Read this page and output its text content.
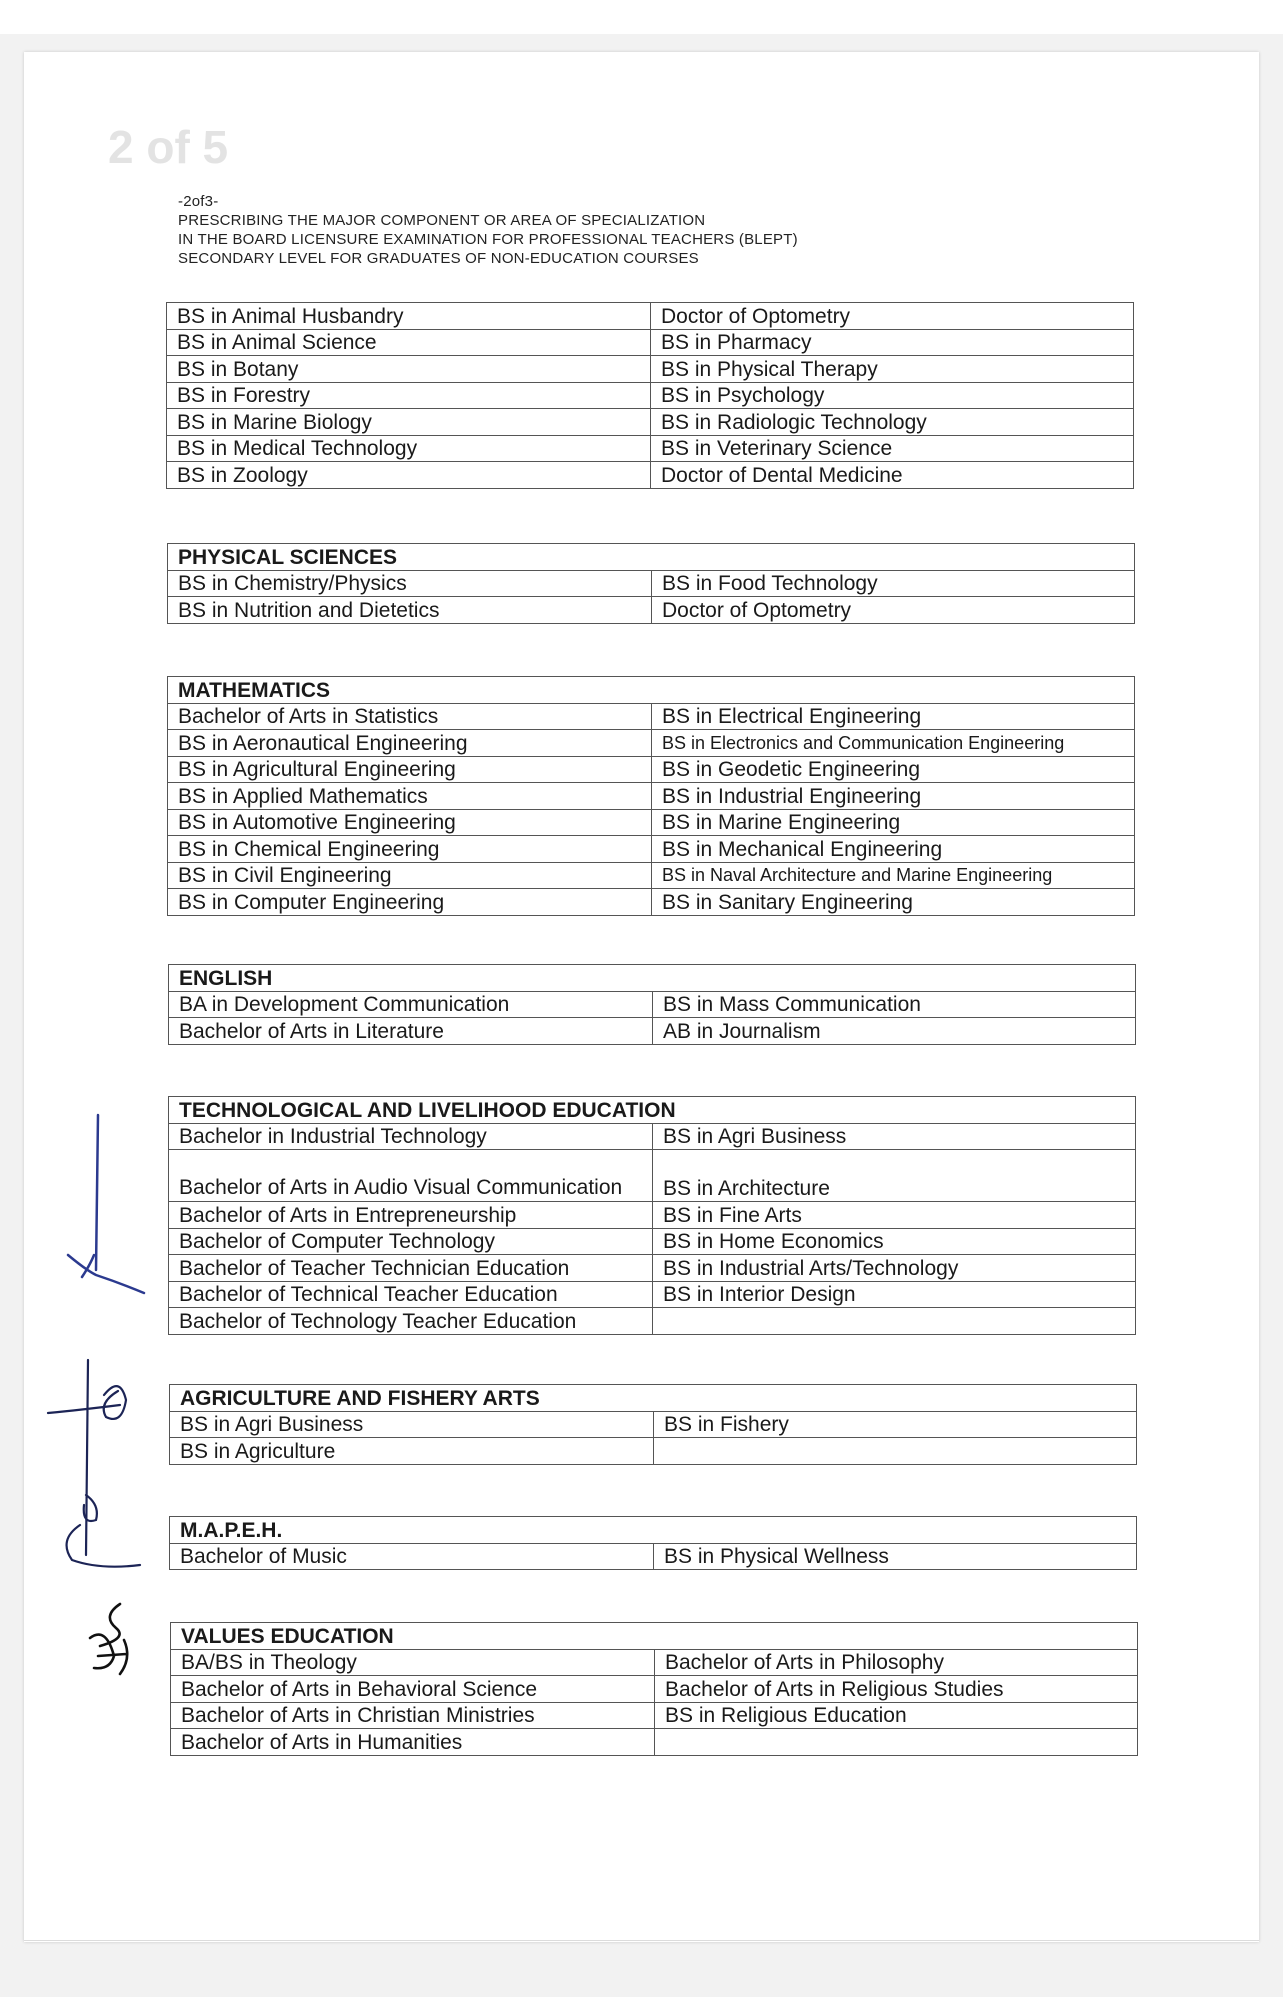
2 of 5
-2of3-
PRESCRIBING THE MAJOR COMPONENT OR AREA OF SPECIALIZATION
IN THE BOARD LICENSURE EXAMINATION FOR PROFESSIONAL TEACHERS (BLEPT)
SECONDARY LEVEL FOR GRADUATES OF NON-EDUCATION COURSES
BS in Animal Husbandry	Doctor of Optometry
BS in Animal Science	BS in Pharmacy
BS in Botany	BS in Physical Therapy
BS in Forestry	BS in Psychology
BS in Marine Biology	BS in Radiologic Technology
BS in Medical Technology	BS in Veterinary Science
BS in Zoology	Doctor of Dental Medicine
PHYSICAL SCIENCES	
BS in Chemistry/Physics	BS in Food Technology
BS in Nutrition and Dietetics	Doctor of Optometry
MATHEMATICS	
Bachelor of Arts in Statistics	BS in Electrical Engineering
BS in Aeronautical Engineering	BS in Electronics and Communication Engineering
BS in Agricultural Engineering	BS in Geodetic Engineering
BS in Applied Mathematics	BS in Industrial Engineering
BS in Automotive Engineering	BS in Marine Engineering
BS in Chemical Engineering	BS in Mechanical Engineering
BS in Civil Engineering	BS in Naval Architecture and Marine Engineering
BS in Computer Engineering	BS in Sanitary Engineering
ENGLISH	
BA in Development Communication	BS in Mass Communication
Bachelor of Arts in Literature	AB in Journalism
TECHNOLOGICAL AND LIVELIHOOD EDUCATION	
Bachelor in Industrial Technology	BS in Agri Business
Bachelor of Arts in Audio Visual Communication	BS in Architecture
Bachelor of Arts in Entrepreneurship	BS in Fine Arts
Bachelor of Computer Technology	BS in Home Economics
Bachelor of Teacher Technician Education	BS in Industrial Arts/Technology
Bachelor of Technical Teacher Education	BS in Interior Design
Bachelor of Technology Teacher Education	
AGRICULTURE AND FISHERY ARTS	
BS in Agri Business	BS in Fishery
BS in Agriculture	
M.A.P.E.H.
Bachelor of Music	BS in Physical Wellness
VALUES EDUCATION	
BA/BS in Theology	Bachelor of Arts in Philosophy
Bachelor of Arts in Behavioral Science	Bachelor of Arts in Religious Studies
Bachelor of Arts in Christian Ministries	BS in Religious Education
Bachelor of Arts in Humanities	
